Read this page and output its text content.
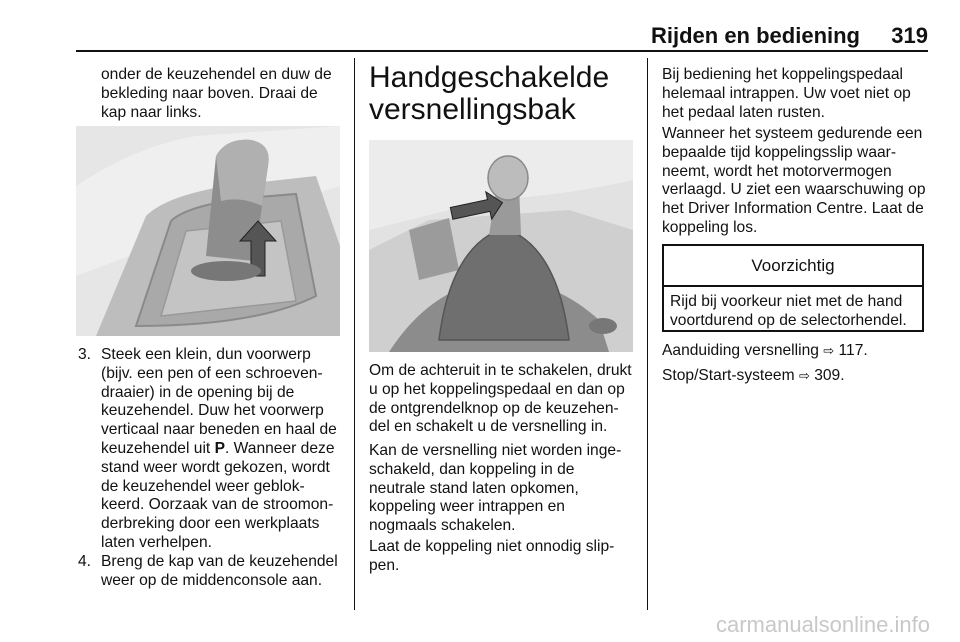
Rijden en bediening	319

onder de keuzehendel en duw de bekleding naar boven. Draai de kap naar links.

3. Steek een klein, dun voorwerp (bijv. een pen of een schroeven-draaier) in de opening bij de keuzehendel. Duw het voorwerp verticaal naar beneden en haal de keuzehendel uit P. Wanneer deze stand weer wordt gekozen, wordt de keuzehendel weer geblok-keerd. Oorzaak van de stroomon-derbreking door een werkplaats laten verhelpen.
4. Breng de kap van de keuzehendel weer op de middenconsole aan.
Handgeschakelde versnellingsbak

Om de achteruit in te schakelen, drukt u op het koppelingspedaal en dan op de ontgrendelknop op de keuzehen-del en schakelt u de versnelling in.

Kan de versnelling niet worden inge-schakeld, dan koppeling in de neutrale stand laten opkomen, koppeling weer intrappen en nogmaals schakelen.

Laat de koppeling niet onnodig slip-pen.

Bij bediening het koppelingspedaal helemaal intrappen. Uw voet niet op het pedaal laten rusten.

Wanneer het systeem gedurende een bepaalde tijd koppelingsslip waar-neemt, wordt het motorvermogen verlaagd. U ziet een waarschuwing op het Driver Information Centre. Laat de koppeling los.

Voorzichtig
Rijd bij voorkeur niet met de hand voortdurend op de selectorhendel.

Aanduiding versnelling ⇨ 117.

Stop/Start-systeem ⇨ 309.

carmanualsonline.info
